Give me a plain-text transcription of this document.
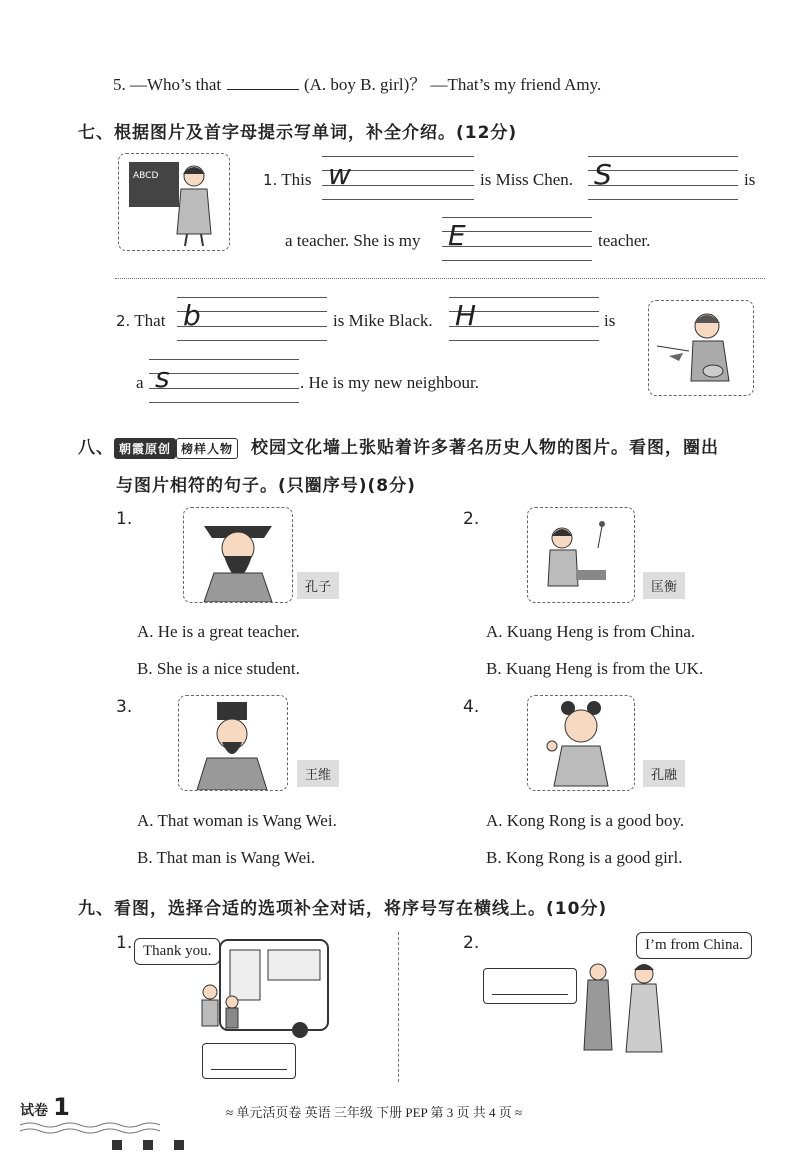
5. —Who’s that	(A. boy B. girl)？ —That’s my friend Amy.
七、根据图片及首字母提示写单词，补全介绍。(12分)
ABCD	1. This w	is Miss Chen. S	is
a teacher. She is my E	teacher.
2. That b	is Mike Black. H	is
a s	. He is my new neighbour.
八、 朝霞原创 榜样人物 校园文化墙上张贴着许多著名历史人物的图片。看图，圈出
与图片相符的句子。(只圈序号)(8分)
1.
孔子
A. He is a great teacher.
B. She is a nice student.
2.
匡衡
A. Kuang Heng is from China.
B. Kuang Heng is from the UK.
3.
王维
A. That woman is Wang Wei.
B. That man is Wang Wei.
4.
孔融
A. Kong Rong is a good boy.
B. Kong Rong is a good girl.
九、看图，选择合适的选项补全对话，将序号写在横线上。(10分)
1. Thank you.	2.	I’m from China.
试卷 1	≈ 单元活页卷 英语 三年级 下册 PEP 第 3 页 共 4 页 ≈
